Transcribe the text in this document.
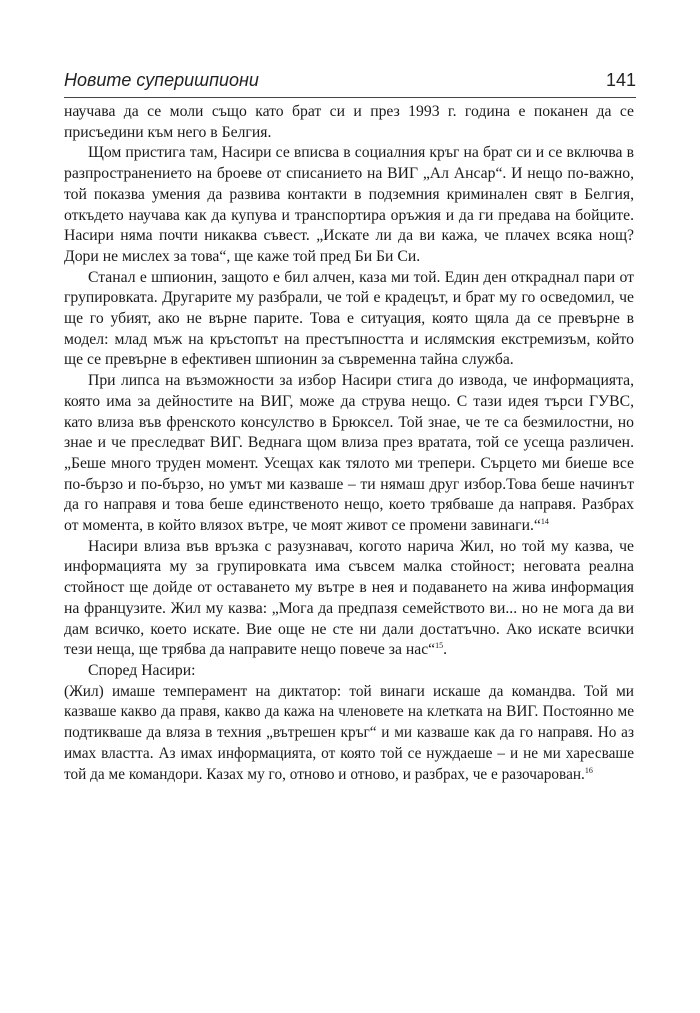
Новите суперишпиони	141

научава да се моли също като брат си и през 1993 г. година е поканен да се присъедини към него в Белгия.

Щом пристига там, Насири се вписва в социалния кръг на брат си и се включва в разпространението на броеве от списанието на ВИГ „Ал Ансар“. И нещо по-важно, той показва умения да развива контакти в подземния криминален свят в Белгия, откъдето научава как да купува и транспортира оръжия и да ги предава на бойците. Насири няма почти никаква съвест. „Искате ли да ви кажа, че плачех всяка нощ? Дори не мислех за това“, ще каже той пред Би Би Си.

Станал е шпионин, защото е бил алчен, каза ми той. Един ден откраднал пари от групировката. Другарите му разбрали, че той е крадецът, и брат му го осведомил, че ще го убият, ако не върне парите. Това е ситуация, която щяла да се превърне в модел: млад мъж на кръстопът на престъпността и ислямския екстремизъм, който ще се превърне в ефективен шпионин за съвременна тайна служба.

При липса на възможности за избор Насири стига до извода, че информацията, която има за дейностите на ВИГ, може да струва нещо. С тази идея търси ГУВС, като влиза във френското консулство в Брюксел. Той знае, че те са безмилостни, но знае и че преследват ВИГ. Веднага щом влиза през вратата, той се усеща различен. „Беше много труден момент. Усещах как тялото ми трепери. Сърцето ми биеше все по-бързо и по-бързо, но умът ми казваше – ти нямаш друг избор.Това беше начинът да го направя и това беше единственото нещо, което трябваше да направя. Разбрах от момента, в който влязох вътре, че моят живот се промени завинаги.“$^{14}$

Насири влиза във връзка с разузнавач, когото нарича Жил, но той му казва, че информацията му за групировката има съвсем малка стойност; неговата реална стойност ще дойде от оставането му вътре в нея и подаването на жива информация на французите. Жил му казва: „Мога да предпазя семейството ви... но не мога да ви дам всичко, което искате. Вие още не сте ни дали достатъчно. Ако искате всички тези неща, ще трябва да направите нещо повече за нас“$^{15}$.

Според Насири:

(Жил) имаше темперамент на диктатор: той винаги искаше да командва. Той ми казваше какво да правя, какво да кажа на членовете на клетката на ВИГ. Постоянно ме подтикваше да вляза в техния „вътрешен кръг“ и ми казваше как да го направя. Но аз имах властта. Аз имах информацията, от която той се нуждаеше – и не ми харесваше той да ме командори. Казах му го, отново и отново, и разбрах, че е разочарован.$^{16}$
